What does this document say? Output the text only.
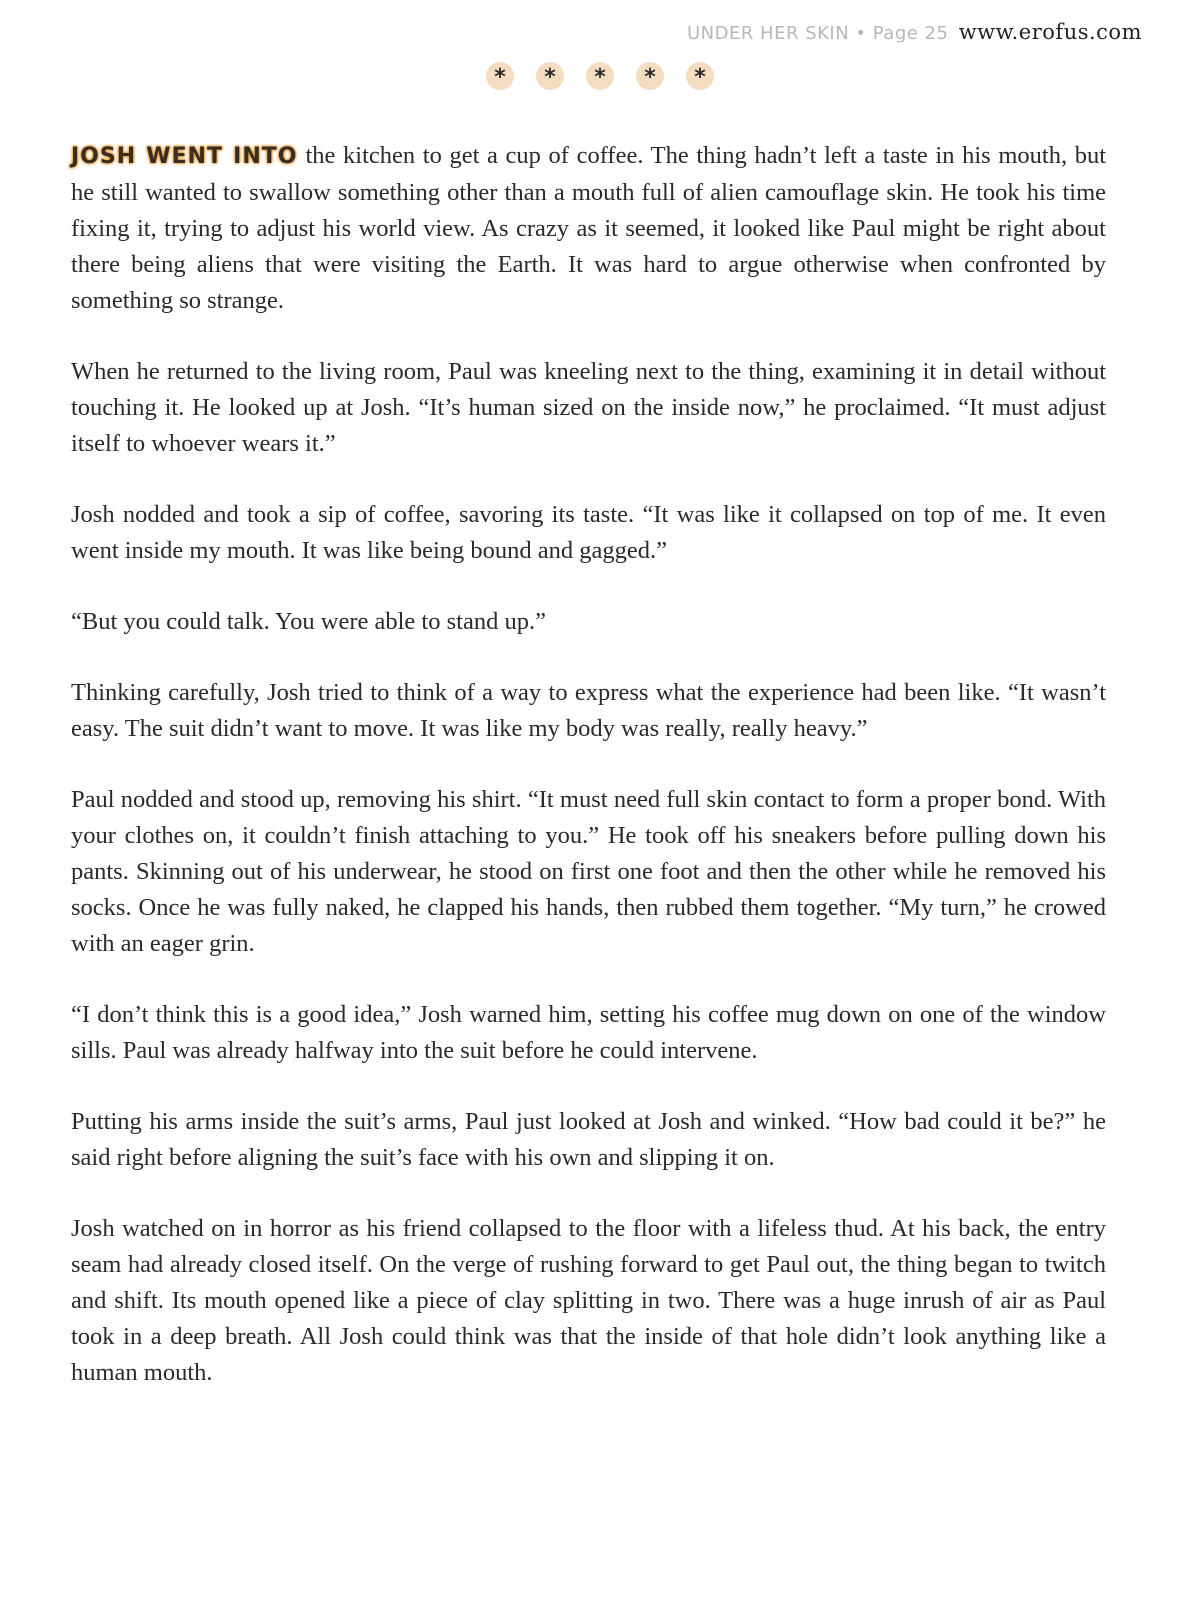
UNDER HER SKIN • Page 25 www.erofus.com
*	*	*	*	*

JOSH WENT INTO the kitchen to get a cup of coffee. The thing hadn’t left a taste in his mouth, but he still wanted to swallow something other than a mouth full of alien camouflage skin. He took his time fixing it, trying to adjust his world view. As crazy as it seemed, it looked like Paul might be right about there being aliens that were visiting the Earth. It was hard to argue otherwise when confronted by something so strange.

When he returned to the living room, Paul was kneeling next to the thing, examining it in detail without touching it. He looked up at Josh. “It’s human sized on the inside now,” he proclaimed. “It must adjust itself to whoever wears it.”

Josh nodded and took a sip of coffee, savoring its taste. “It was like it collapsed on top of me. It even went inside my mouth. It was like being bound and gagged.”

“But you could talk. You were able to stand up.”

Thinking carefully, Josh tried to think of a way to express what the experience had been like. “It wasn’t easy. The suit didn’t want to move. It was like my body was really, really heavy.”

Paul nodded and stood up, removing his shirt. “It must need full skin contact to form a proper bond. With your clothes on, it couldn’t finish attaching to you.” He took off his sneakers before pulling down his pants. Skinning out of his underwear, he stood on first one foot and then the other while he removed his socks. Once he was fully naked, he clapped his hands, then rubbed them together. “My turn,” he crowed with an eager grin.

“I don’t think this is a good idea,” Josh warned him, setting his coffee mug down on one of the window sills. Paul was already halfway into the suit before he could intervene.

Putting his arms inside the suit’s arms, Paul just looked at Josh and winked. “How bad could it be?” he said right before aligning the suit’s face with his own and slipping it on.

Josh watched on in horror as his friend collapsed to the floor with a lifeless thud. At his back, the entry seam had already closed itself. On the verge of rushing forward to get Paul out, the thing began to twitch and shift. Its mouth opened like a piece of clay splitting in two. There was a huge inrush of air as Paul took in a deep breath. All Josh could think was that the inside of that hole didn’t look anything like a human mouth.
